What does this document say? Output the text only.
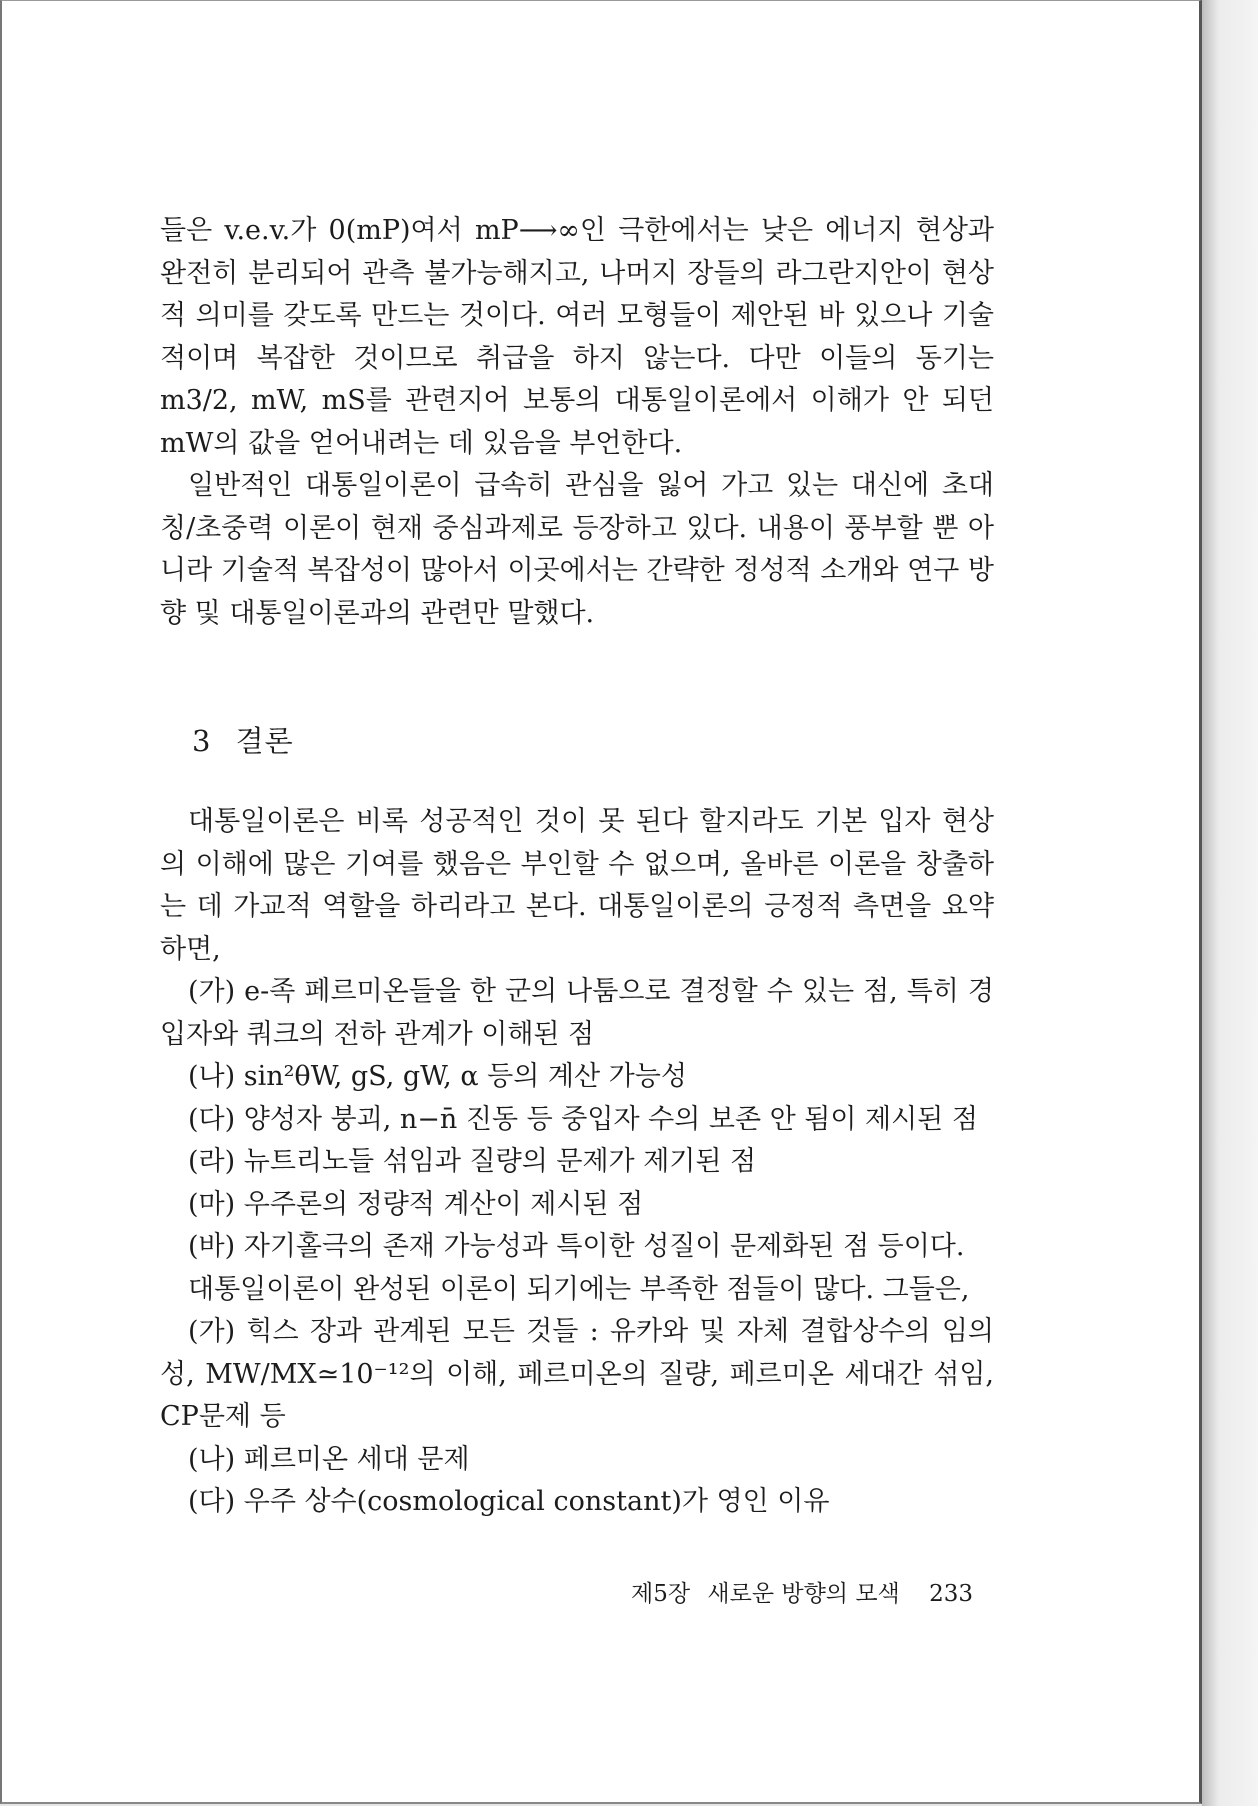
들은 v.e.v.가 0(mP)여서 mP⟶∞인 극한에서는 낮은 에너지 현상과 완전히 분리되어 관측 불가능해지고, 나머지 장들의 라그란지안이 현상적 의미를 갖도록 만드는 것이다. 여러 모형들이 제안된 바 있으나 기술적이며 복잡한 것이므로 취급을 하지 않는다. 다만 이들의 동기는 m3/2, mW, mS를 관련지어 보통의 대통일이론에서 이해가 안 되던 mW의 값을 얻어내려는 데 있음을 부언한다.

일반적인 대통일이론이 급속히 관심을 잃어 가고 있는 대신에 초대칭/초중력 이론이 현재 중심과제로 등장하고 있다. 내용이 풍부할 뿐 아니라 기술적 복잡성이 많아서 이곳에서는 간략한 정성적 소개와 연구 방향 및 대통일이론과의 관련만 말했다.

3 결론

대통일이론은 비록 성공적인 것이 못 된다 할지라도 기본 입자 현상의 이해에 많은 기여를 했음은 부인할 수 없으며, 올바른 이론을 창출하는 데 가교적 역할을 하리라고 본다. 대통일이론의 긍정적 측면을 요약하면,

(가) e-족 페르미온들을 한 군의 나툼으로 결정할 수 있는 점, 특히 경입자와 쿼크의 전하 관계가 이해된 점

(나) sin²θW, gS, gW, α 등의 계산 가능성

(다) 양성자 붕괴, n−n̄ 진동 등 중입자 수의 보존 안 됨이 제시된 점

(라) 뉴트리노들 섞임과 질량의 문제가 제기된 점

(마) 우주론의 정량적 계산이 제시된 점

(바) 자기홀극의 존재 가능성과 특이한 성질이 문제화된 점 등이다.

대통일이론이 완성된 이론이 되기에는 부족한 점들이 많다. 그들은,

(가) 힉스 장과 관계된 모든 것들 : 유카와 및 자체 결합상수의 임의성, MW/MX≃10⁻¹²의 이해, 페르미온의 질량, 페르미온 세대간 섞임, CP문제 등

(나) 페르미온 세대 문제

(다) 우주 상수(cosmological constant)가 영인 이유

제5장 새로운 방향의 모색 233
